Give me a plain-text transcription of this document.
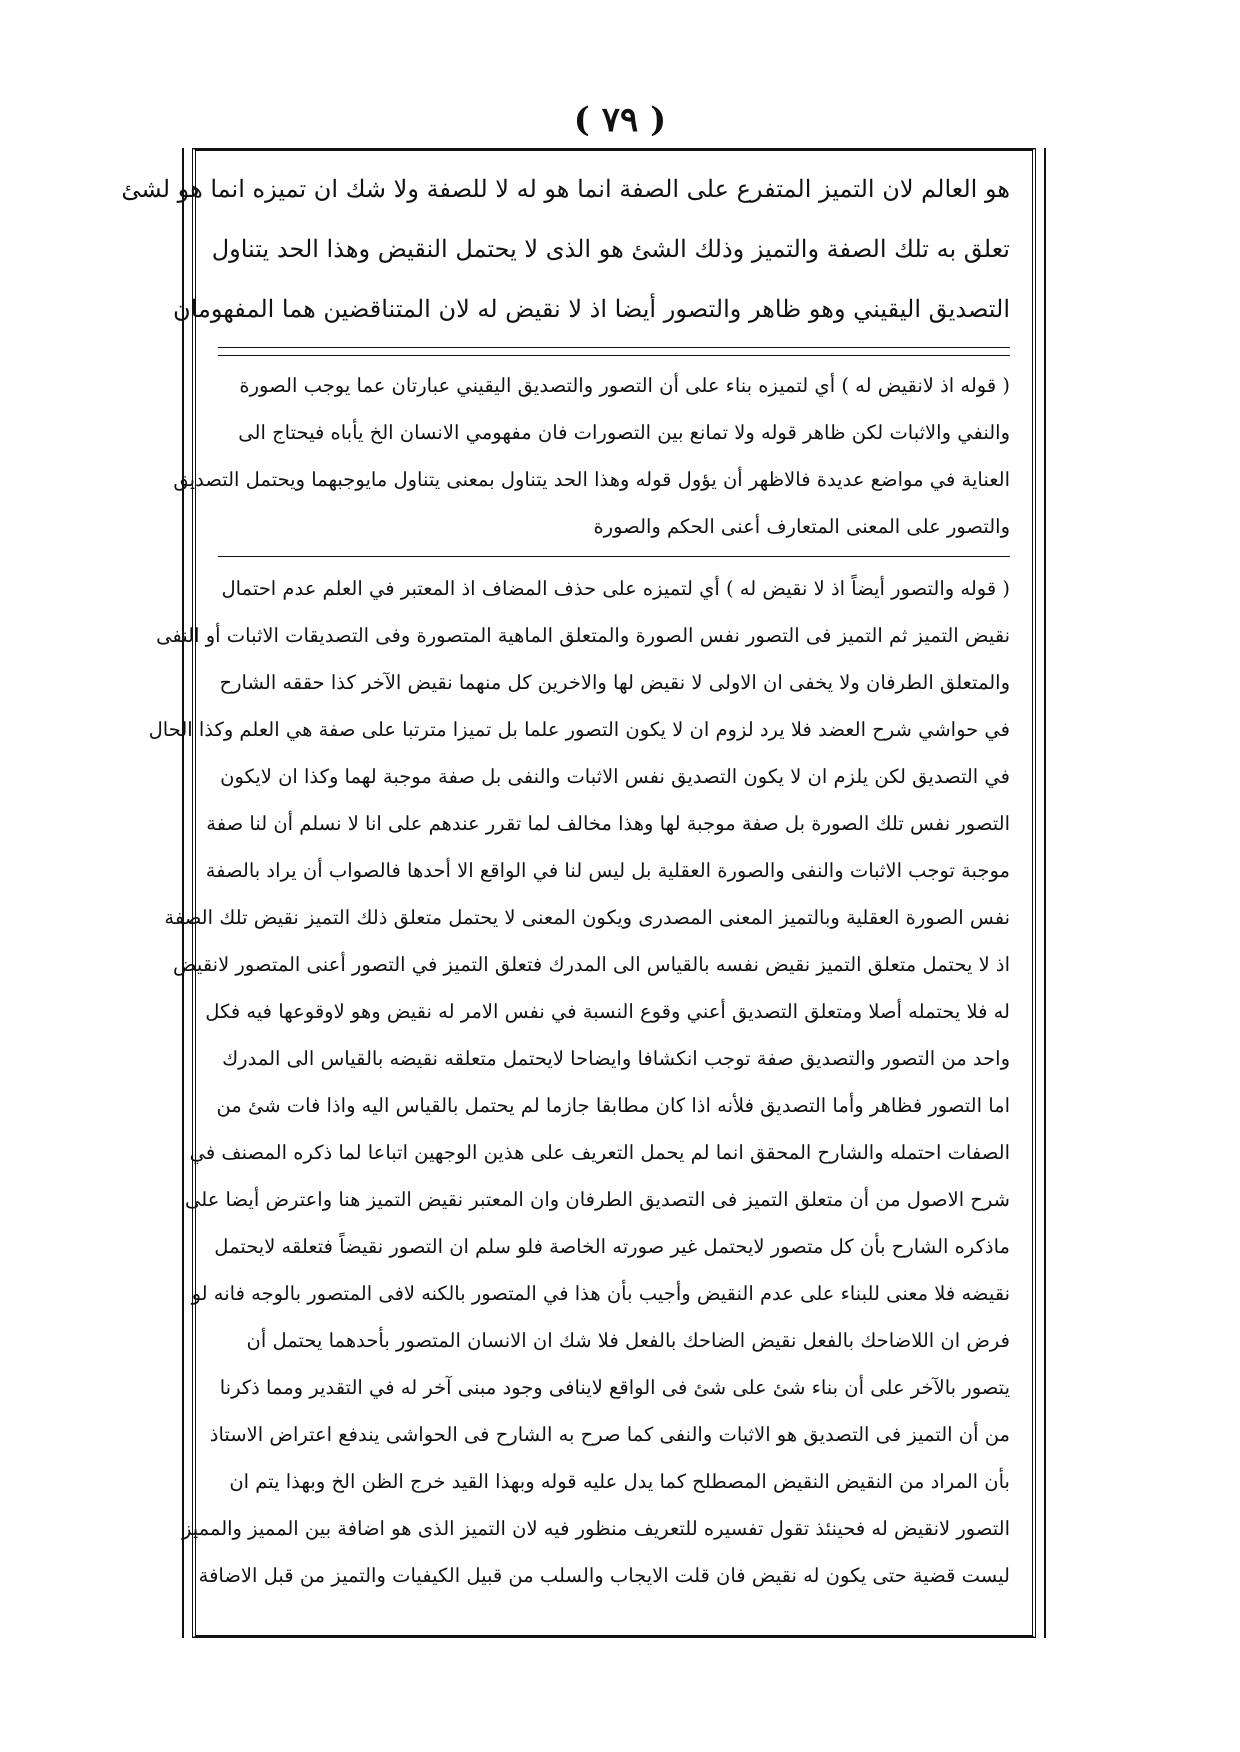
( ٧٩ )
هو العالم لان التميز المتفرع على الصفة انما هو له لا للصفة ولا شك ان تميزه انما هو لشئ
تعلق به تلك الصفة والتميز وذلك الشئ هو الذى لا يحتمل النقيض وهذا الحد يتناول
التصديق اليقيني وهو ظاهر والتصور أيضا اذ لا نقيض له لان المتناقضين هما المفهومان
( قوله اذ لانقيض له ) أي لتميزه بناء على أن التصور والتصديق اليقيني عبارتان عما يوجب الصورة
والنفي والاثبات لكن ظاهر قوله ولا تمانع بين التصورات فان مفهومي الانسان الخ يأباه فيحتاج الى
العناية في مواضع عديدة فالاظهر أن يؤول قوله وهذا الحد يتناول بمعنى يتناول مايوجبهما ويحتمل التصديق
والتصور على المعنى المتعارف أعنى الحكم والصورة
( قوله والتصور أيضاً اذ لا نقيض له ) أي لتميزه على حذف المضاف اذ المعتبر في العلم عدم احتمال
نقيض التميز ثم التميز فى التصور نفس الصورة والمتعلق الماهية المتصورة وفى التصديقات الاثبات أو النفى
والمتعلق الطرفان ولا يخفى ان الاولى لا نقيض لها والاخرين كل منهما نقيض الآخر كذا حققه الشارح
في حواشي شرح العضد فلا يرد لزوم ان لا يكون التصور علما بل تميزا مترتبا على صفة هي العلم وكذا الحال
في التصديق لكن يلزم ان لا يكون التصديق نفس الاثبات والنفى بل صفة موجبة لهما وكذا ان لايكون
التصور نفس تلك الصورة بل صفة موجبة لها وهذا مخالف لما تقرر عندهم على انا لا نسلم أن لنا صفة
موجبة توجب الاثبات والنفى والصورة العقلية بل ليس لنا في الواقع الا أحدها فالصواب أن يراد بالصفة
نفس الصورة العقلية وبالتميز المعنى المصدرى ويكون المعنى لا يحتمل متعلق ذلك التميز نقيض تلك الصفة
اذ لا يحتمل متعلق التميز نقيض نفسه بالقياس الى المدرك فتعلق التميز في التصور أعنى المتصور لانقيض
له فلا يحتمله أصلا ومتعلق التصديق أعني وقوع النسبة في نفس الامر له نقيض وهو لاوقوعها فيه فكل
واحد من التصور والتصديق صفة توجب انكشافا وايضاحا لايحتمل متعلقه نقيضه بالقياس الى المدرك
اما التصور فظاهر وأما التصديق فلأنه اذا كان مطابقا جازما لم يحتمل بالقياس اليه واذا فات شئ من
الصفات احتمله والشارح المحقق انما لم يحمل التعريف على هذين الوجهين اتباعا لما ذكره المصنف في
شرح الاصول من أن متعلق التميز فى التصديق الطرفان وان المعتبر نقيض التميز هنا واعترض أيضا على
ماذكره الشارح بأن كل متصور لايحتمل غير صورته الخاصة فلو سلم ان التصور نقيضاً فتعلقه لايحتمل
نقيضه فلا معنى للبناء على عدم النقيض وأجيب بأن هذا في المتصور بالكنه لافى المتصور بالوجه فانه لو
فرض ان اللاضاحك بالفعل نقيض الضاحك بالفعل فلا شك ان الانسان المتصور بأحدهما يحتمل أن
يتصور بالآخر على أن بناء شئ على شئ فى الواقع لاينافى وجود مبنى آخر له في التقدير ومما ذكرنا
من أن التميز فى التصديق هو الاثبات والنفى كما صرح به الشارح فى الحواشى يندفع اعتراض الاستاذ
بأن المراد من النقيض النقيض المصطلح كما يدل عليه قوله وبهذا القيد خرج الظن الخ وبهذا يتم ان
التصور لانقيض له فحينئذ تقول تفسيره للتعريف منظور فيه لان التميز الذى هو اضافة بين المميز والمميز
ليست قضية حتى يكون له نقيض فان قلت الايجاب والسلب من قبيل الكيفيات والتميز من قبل الاضافة
